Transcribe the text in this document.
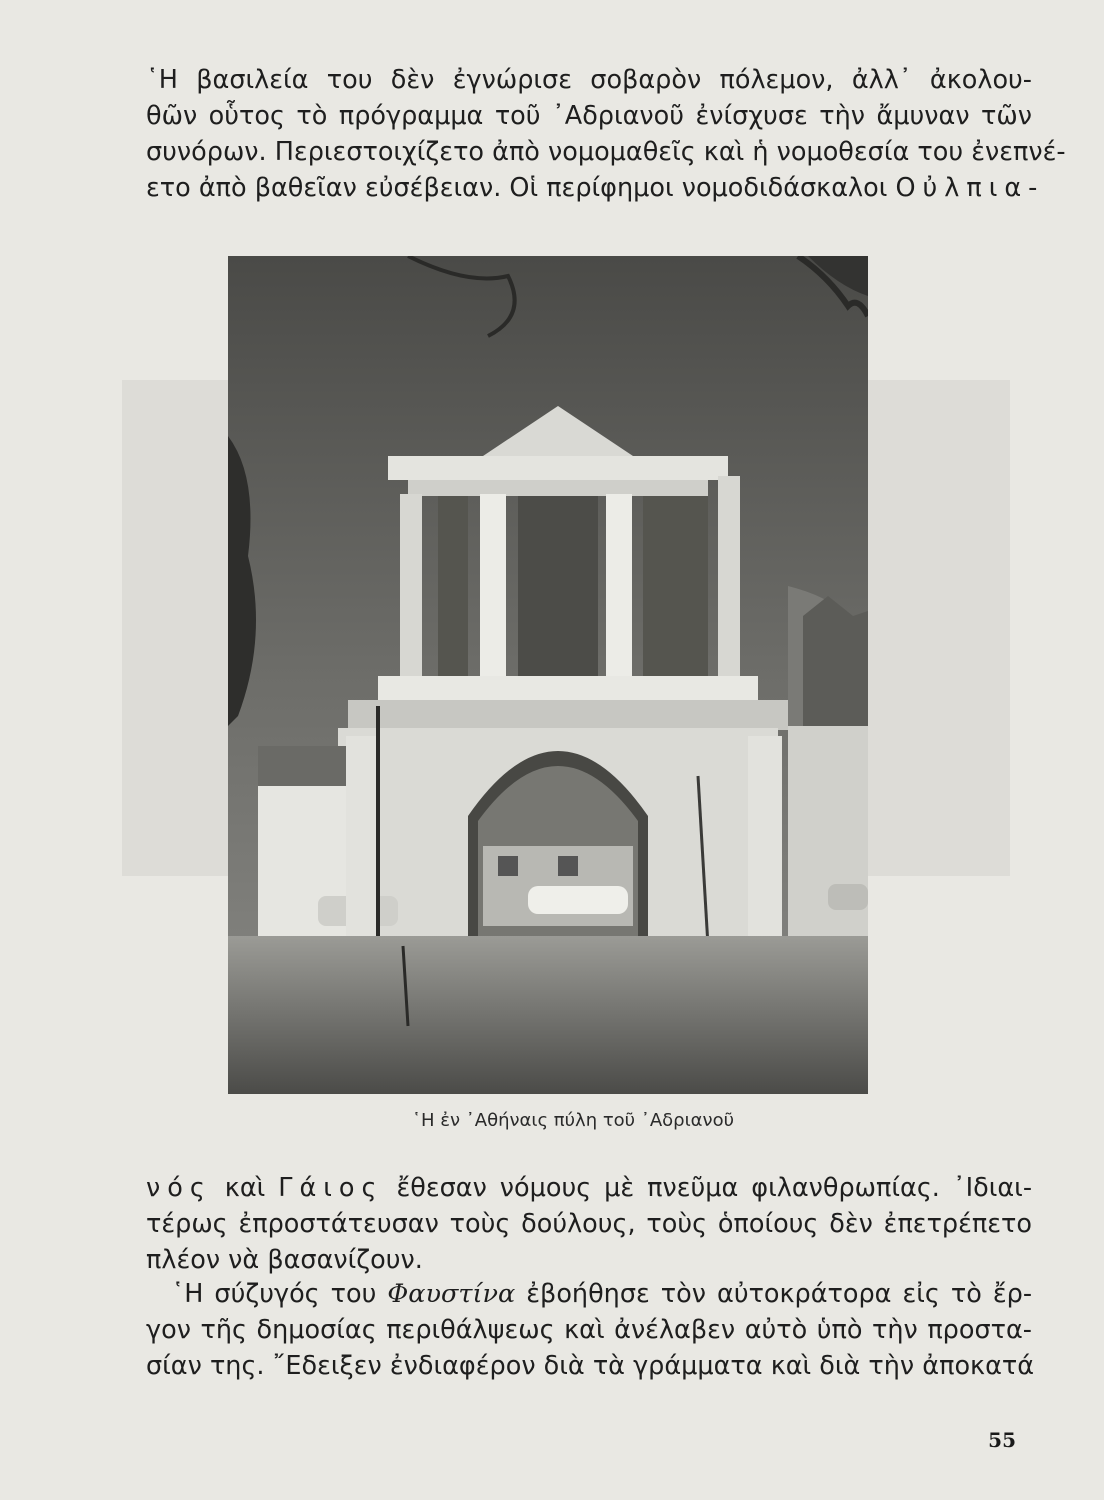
῾Η βασιλεία του δὲν ἐγνώρισε σοβαρὸν πόλεμον, ἀλλ᾿ ἀκολου-
θῶν οὗτος τὸ πρόγραμμα τοῦ ᾿Αδριανοῦ ἐνίσχυσε τὴν ἄμυναν τῶν
συνόρων. Περιεστοιχίζετο ἀπὸ νομομαθεῖς καὶ ἡ νομοθεσία του ἐνεπνέ-
ετο ἀπὸ βαθεῖαν εὐσέβειαν. Οἱ περίφημοι νομοδιδάσκαλοι Οὐλπια-
῾Η ἐν ᾿Αθήναις πύλη τοῦ ᾿Αδριανοῦ
νός καὶ Γάιος ἔθεσαν νόμους μὲ πνεῦμα φιλανθρωπίας. ᾿Ιδιαι-
τέρως ἐπροστάτευσαν τοὺς δούλους, τοὺς ὁποίους δὲν ἐπετρέπετο
πλέον νὰ βασανίζουν.
 ῾Η σύζυγός του Φαυστίνα ἐβοήθησε τὸν αὐτοκράτορα εἰς τὸ ἔρ-
γον τῆς δημοσίας περιθάλψεως καὶ ἀνέλαβεν αὐτὸ ὑπὸ τὴν προστα-
σίαν της. ῎Εδειξεν ἐνδιαφέρον διὰ τὰ γράμματα καὶ διὰ τὴν ἀποκατά
55
